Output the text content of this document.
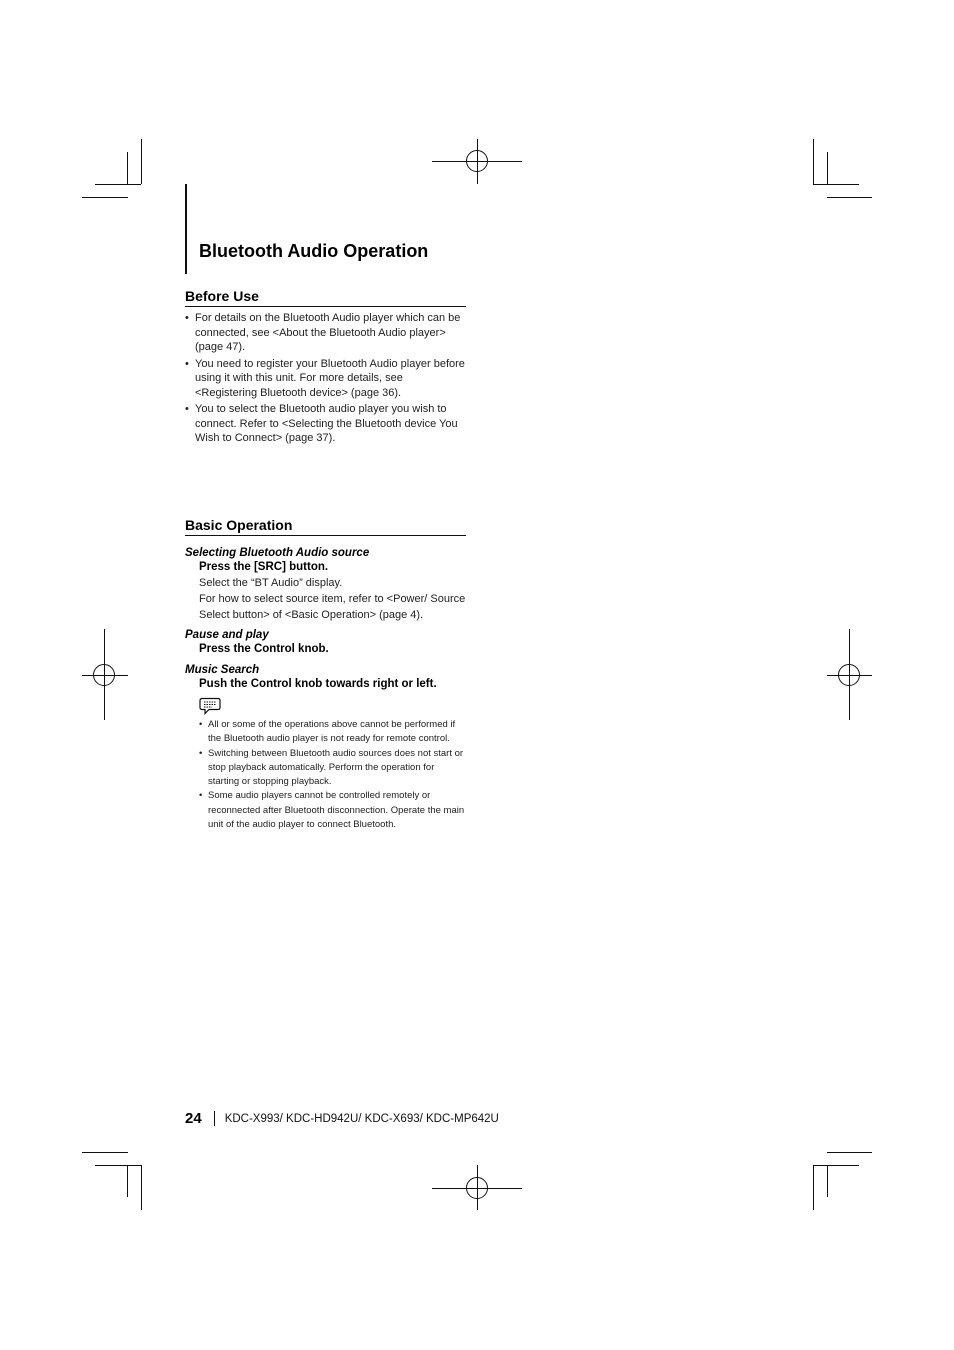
Bluetooth Audio Operation
Before Use
• For details on the Bluetooth Audio player which can be connected, see <About the Bluetooth Audio player> (page 47).
• You need to register your Bluetooth Audio player before using it with this unit. For more details, see <Registering Bluetooth device> (page 36).
• You to select the Bluetooth audio player you wish to connect. Refer to <Selecting the Bluetooth device You Wish to Connect> (page 37).
Basic Operation

Selecting Bluetooth Audio source

Press the [SRC] button.

Select the “BT Audio” display.

For how to select source item, refer to <Power/ Source Select button> of <Basic Operation> (page 4).

Pause and play

Press the Control knob.

Music Search

Push the Control knob towards right or left.

• All or some of the operations above cannot be performed if the Bluetooth audio player is not ready for remote control.
• Switching between Bluetooth audio sources does not start or stop playback automatically. Perform the operation for starting or stopping playback.
• Some audio players cannot be controlled remotely or reconnected after Bluetooth disconnection. Operate the main unit of the audio player to connect Bluetooth.
24 KDC-X993/ KDC-HD942U/ KDC-X693/ KDC-MP642U
